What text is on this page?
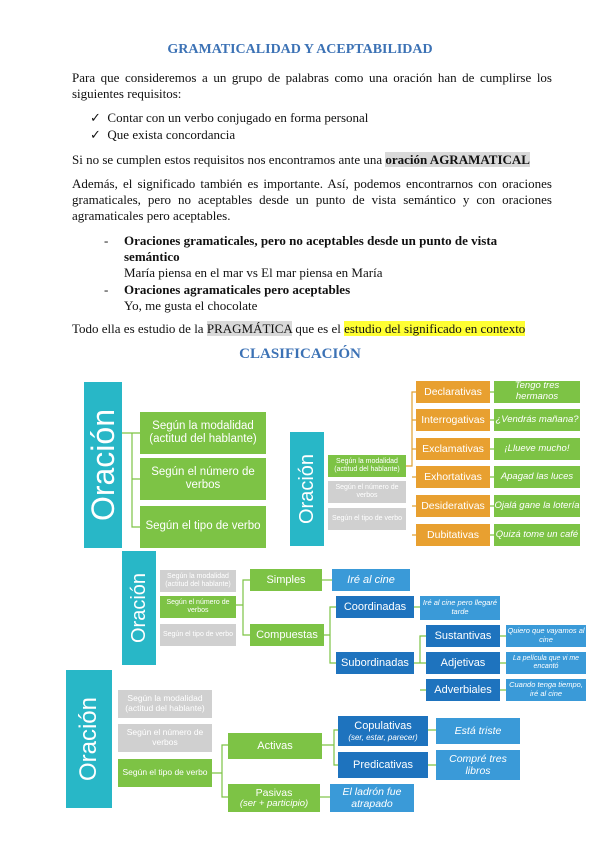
GRAMATICALIDAD Y ACEPTABILIDAD
Para que consideremos a un grupo de palabras como una oración han de cumplirse los siguientes requisitos:
✓ Contar con un verbo conjugado en forma personal
✓ Que exista concordancia
Si no se cumplen estos requisitos nos encontramos ante una oración AGRAMATICAL
Además, el significado también es importante. Así, podemos encontrarnos con oraciones gramaticales, pero no aceptables desde un punto de vista semántico y con oraciones agramaticales pero aceptables.
- Oraciones gramaticales, pero no aceptables desde un punto de vista semántico
María piensa en el mar vs El mar piensa en María
- Oraciones agramaticales pero aceptables
Yo, me gusta el chocolate
Todo ella es estudio de la PRAGMÁTICA que es el estudio del significado en contexto
CLASIFICACIÓN
Oración	Según la modalidad (actitud del hablante)
Según el número de verbos
Según el tipo de verbo
Oración	Según la modalidad (actitud del hablante)
Según el número de verbos
Según el tipo de verbo
Declarativas
Interrogativas
Exclamativas
Exhortativas
Desiderativas
Dubitativas
Tengo tres hermanos
¿Vendrás mañana?
¡Llueve mucho!
Apagad las luces
Ojalá gane la lotería
Quizá tome un café
Oración	Según la modalidad (actitud del hablante)
Según el número de verbos
Según el tipo de verbo
Simples	Iré al cine
Compuestas
Coordinadas	Iré al cine pero llegaré tarde
Subordinadas
Sustantivas
Adjetivas
Adverbiales
Quiero que vayamos al cine
La película que vi me encantó
Cuando tenga tiempo, iré al cine
Oración	Según la modalidad (actitud del hablante)
Según el número de verbos
Según el tipo de verbo
Activas
Copulativas
(ser, estar, parecer)
Está triste
Predicativas	Compré tres libros
Pasivas
(ser + participio)
El ladrón fue atrapado
